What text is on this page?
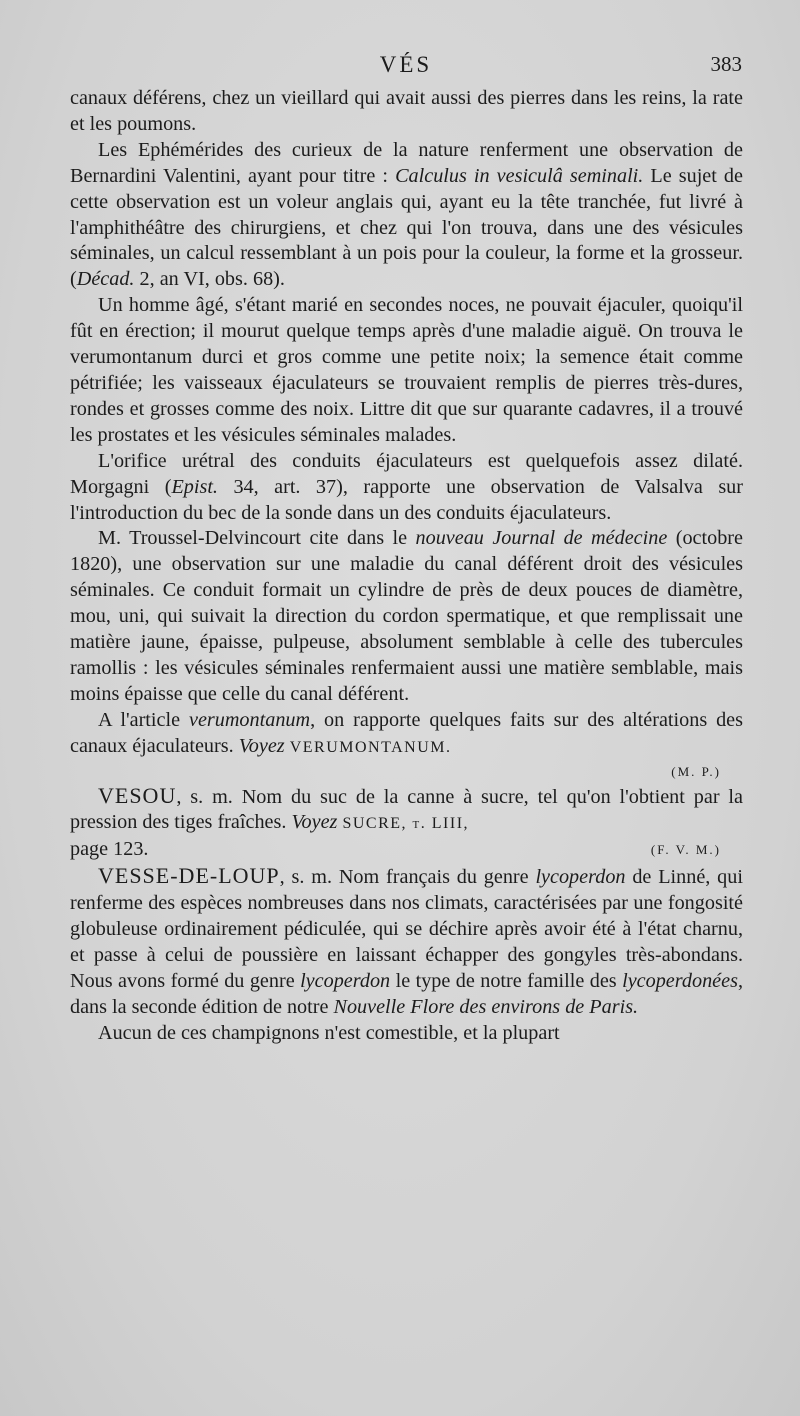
VÉS	383

canaux déférens, chez un vieillard qui avait aussi des pierres dans les reins, la rate et les poumons.

Les Ephémérides des curieux de la nature renferment une observation de Bernardini Valentini, ayant pour titre : Calculus in vesiculâ seminali. Le sujet de cette observation est un voleur anglais qui, ayant eu la tête tranchée, fut livré à l'amphithéâtre des chirurgiens, et chez qui l'on trouva, dans une des vésicules séminales, un calcul ressemblant à un pois pour la couleur, la forme et la grosseur. (Décad. 2, an VI, obs. 68).

Un homme âgé, s'étant marié en secondes noces, ne pouvait éjaculer, quoiqu'il fût en érection; il mourut quelque temps après d'une maladie aiguë. On trouva le verumontanum durci et gros comme une petite noix; la semence était comme pétrifiée; les vaisseaux éjaculateurs se trouvaient remplis de pierres très-dures, rondes et grosses comme des noix. Littre dit que sur quarante cadavres, il a trouvé les prostates et les vésicules séminales malades.

L'orifice urétral des conduits éjaculateurs est quelquefois assez dilaté. Morgagni (Epist. 34, art. 37), rapporte une observation de Valsalva sur l'introduction du bec de la sonde dans un des conduits éjaculateurs.

M. Troussel-Delvincourt cite dans le nouveau Journal de médecine (octobre 1820), une observation sur une maladie du canal déférent droit des vésicules séminales. Ce conduit formait un cylindre de près de deux pouces de diamètre, mou, uni, qui suivait la direction du cordon spermatique, et que remplissait une matière jaune, épaisse, pulpeuse, absolument semblable à celle des tubercules ramollis : les vésicules séminales renfermaient aussi une matière semblable, mais moins épaisse que celle du canal déférent.

A l'article verumontanum, on rapporte quelques faits sur des altérations des canaux éjaculateurs. Voyez VERUMONTANUM.

(M. P.)

VESOU, s. m. Nom du suc de la canne à sucre, tel qu'on l'obtient par la pression des tiges fraîches. Voyez SUCRE, t. LIII,

page 123.	(F. V. M.)

VESSE-DE-LOUP, s. m. Nom français du genre lycoperdon de Linné, qui renferme des espèces nombreuses dans nos climats, caractérisées par une fongosité globuleuse ordinairement pédiculée, qui se déchire après avoir été à l'état charnu, et passe à celui de poussière en laissant échapper des gongyles très-abondans. Nous avons formé du genre lycoperdon le type de notre famille des lycoperdonées, dans la seconde édition de notre Nouvelle Flore des environs de Paris.

Aucun de ces champignons n'est comestible, et la plupart
